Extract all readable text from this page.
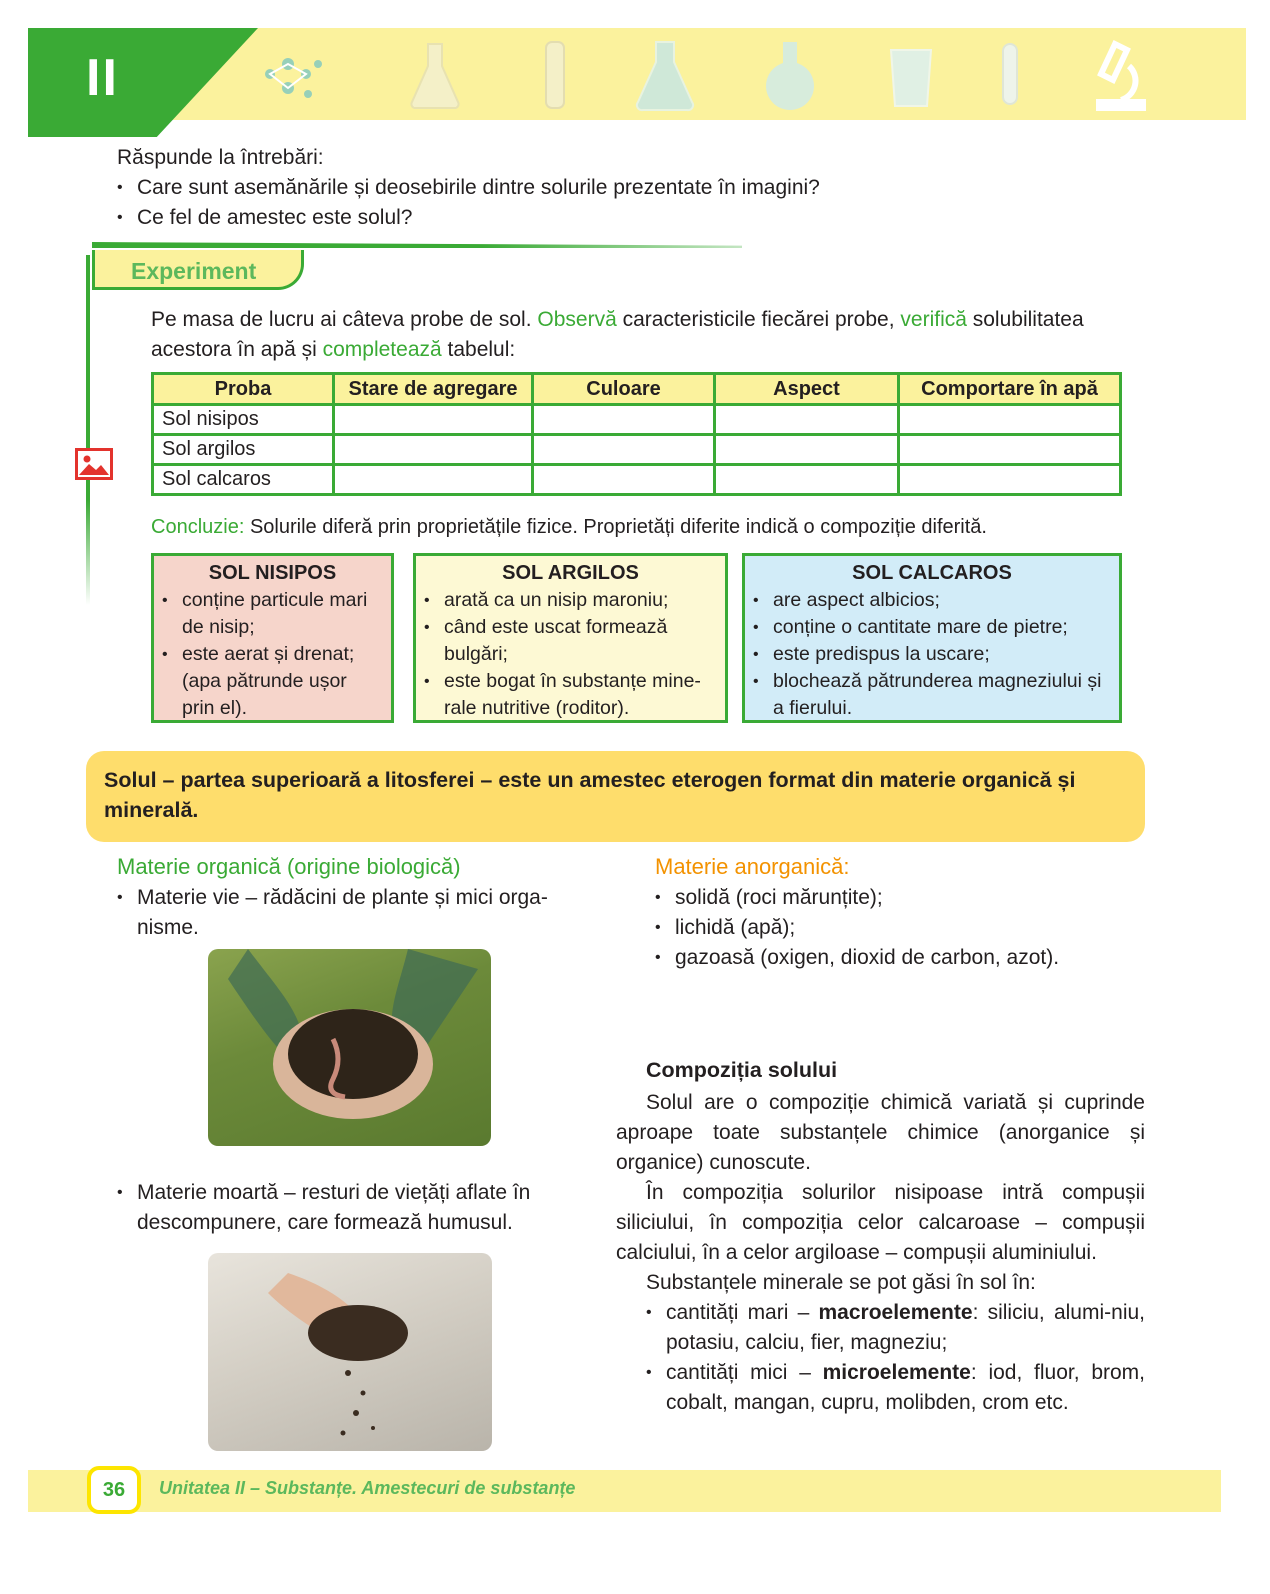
II
Răspunde la întrebări:
• Care sunt asemănările și deosebirile dintre solurile prezentate în imagini?
• Ce fel de amestec este solul?
Experiment
Pe masa de lucru ai câteva probe de sol. Observă caracteristicile fiecărei probe, verifică solubilitatea acestora în apă și completează tabelul:
Proba	Stare de agregare	Culoare	Aspect	Comportare în apă
Sol nisipos				
Sol argilos				
Sol calcaros				
Concluzie: Solurile diferă prin proprietățile fizice. Proprietăți diferite indică o compoziție diferită.
SOL NISIPOS
• conține particule mari de nisip;
• este aerat și drenat; (apa pătrunde ușor prin el).
SOL ARGILOS
• arată ca un nisip maroniu;
• când este uscat formează bulgări;
• este bogat în substanțe mine-rale nutritive (roditor).
SOL CALCAROS
• are aspect albicios;
• conține o cantitate mare de pietre;
• este predispus la uscare;
• blochează pătrunderea magneziului și a fierului.
Solul – partea superioară a litosferei – este un amestec eterogen format din materie organică și minerală.
Materie organică (origine biologică)
• Materie vie – rădăcini de plante și mici orga-nisme.
Materie anorganică:
• solidă (roci mărunțite);
• lichidă (apă);
• gazoasă (oxigen, dioxid de carbon, azot).
• Materie moartă – resturi de viețăți aflate în descompunere, care formează humusul.
Compoziția solului

Solul are o compoziție chimică variată și cuprinde aproape toate substanțele chimice (anorganice și organice) cunoscute.

În compoziția solurilor nisipoase intră compușii siliciului, în compoziția celor calcaroase – compușii calciului, în a celor argiloase – compușii aluminiului.

Substanțele minerale se pot găsi în sol în:

• cantități mari – macroelemente: siliciu, alumi-niu, potasiu, calciu, fier, magneziu;
• cantități mici – microelemente: iod, fluor, brom, cobalt, mangan, cupru, molibden, crom etc.
36	Unitatea II – Substanțe. Amestecuri de substanțe
